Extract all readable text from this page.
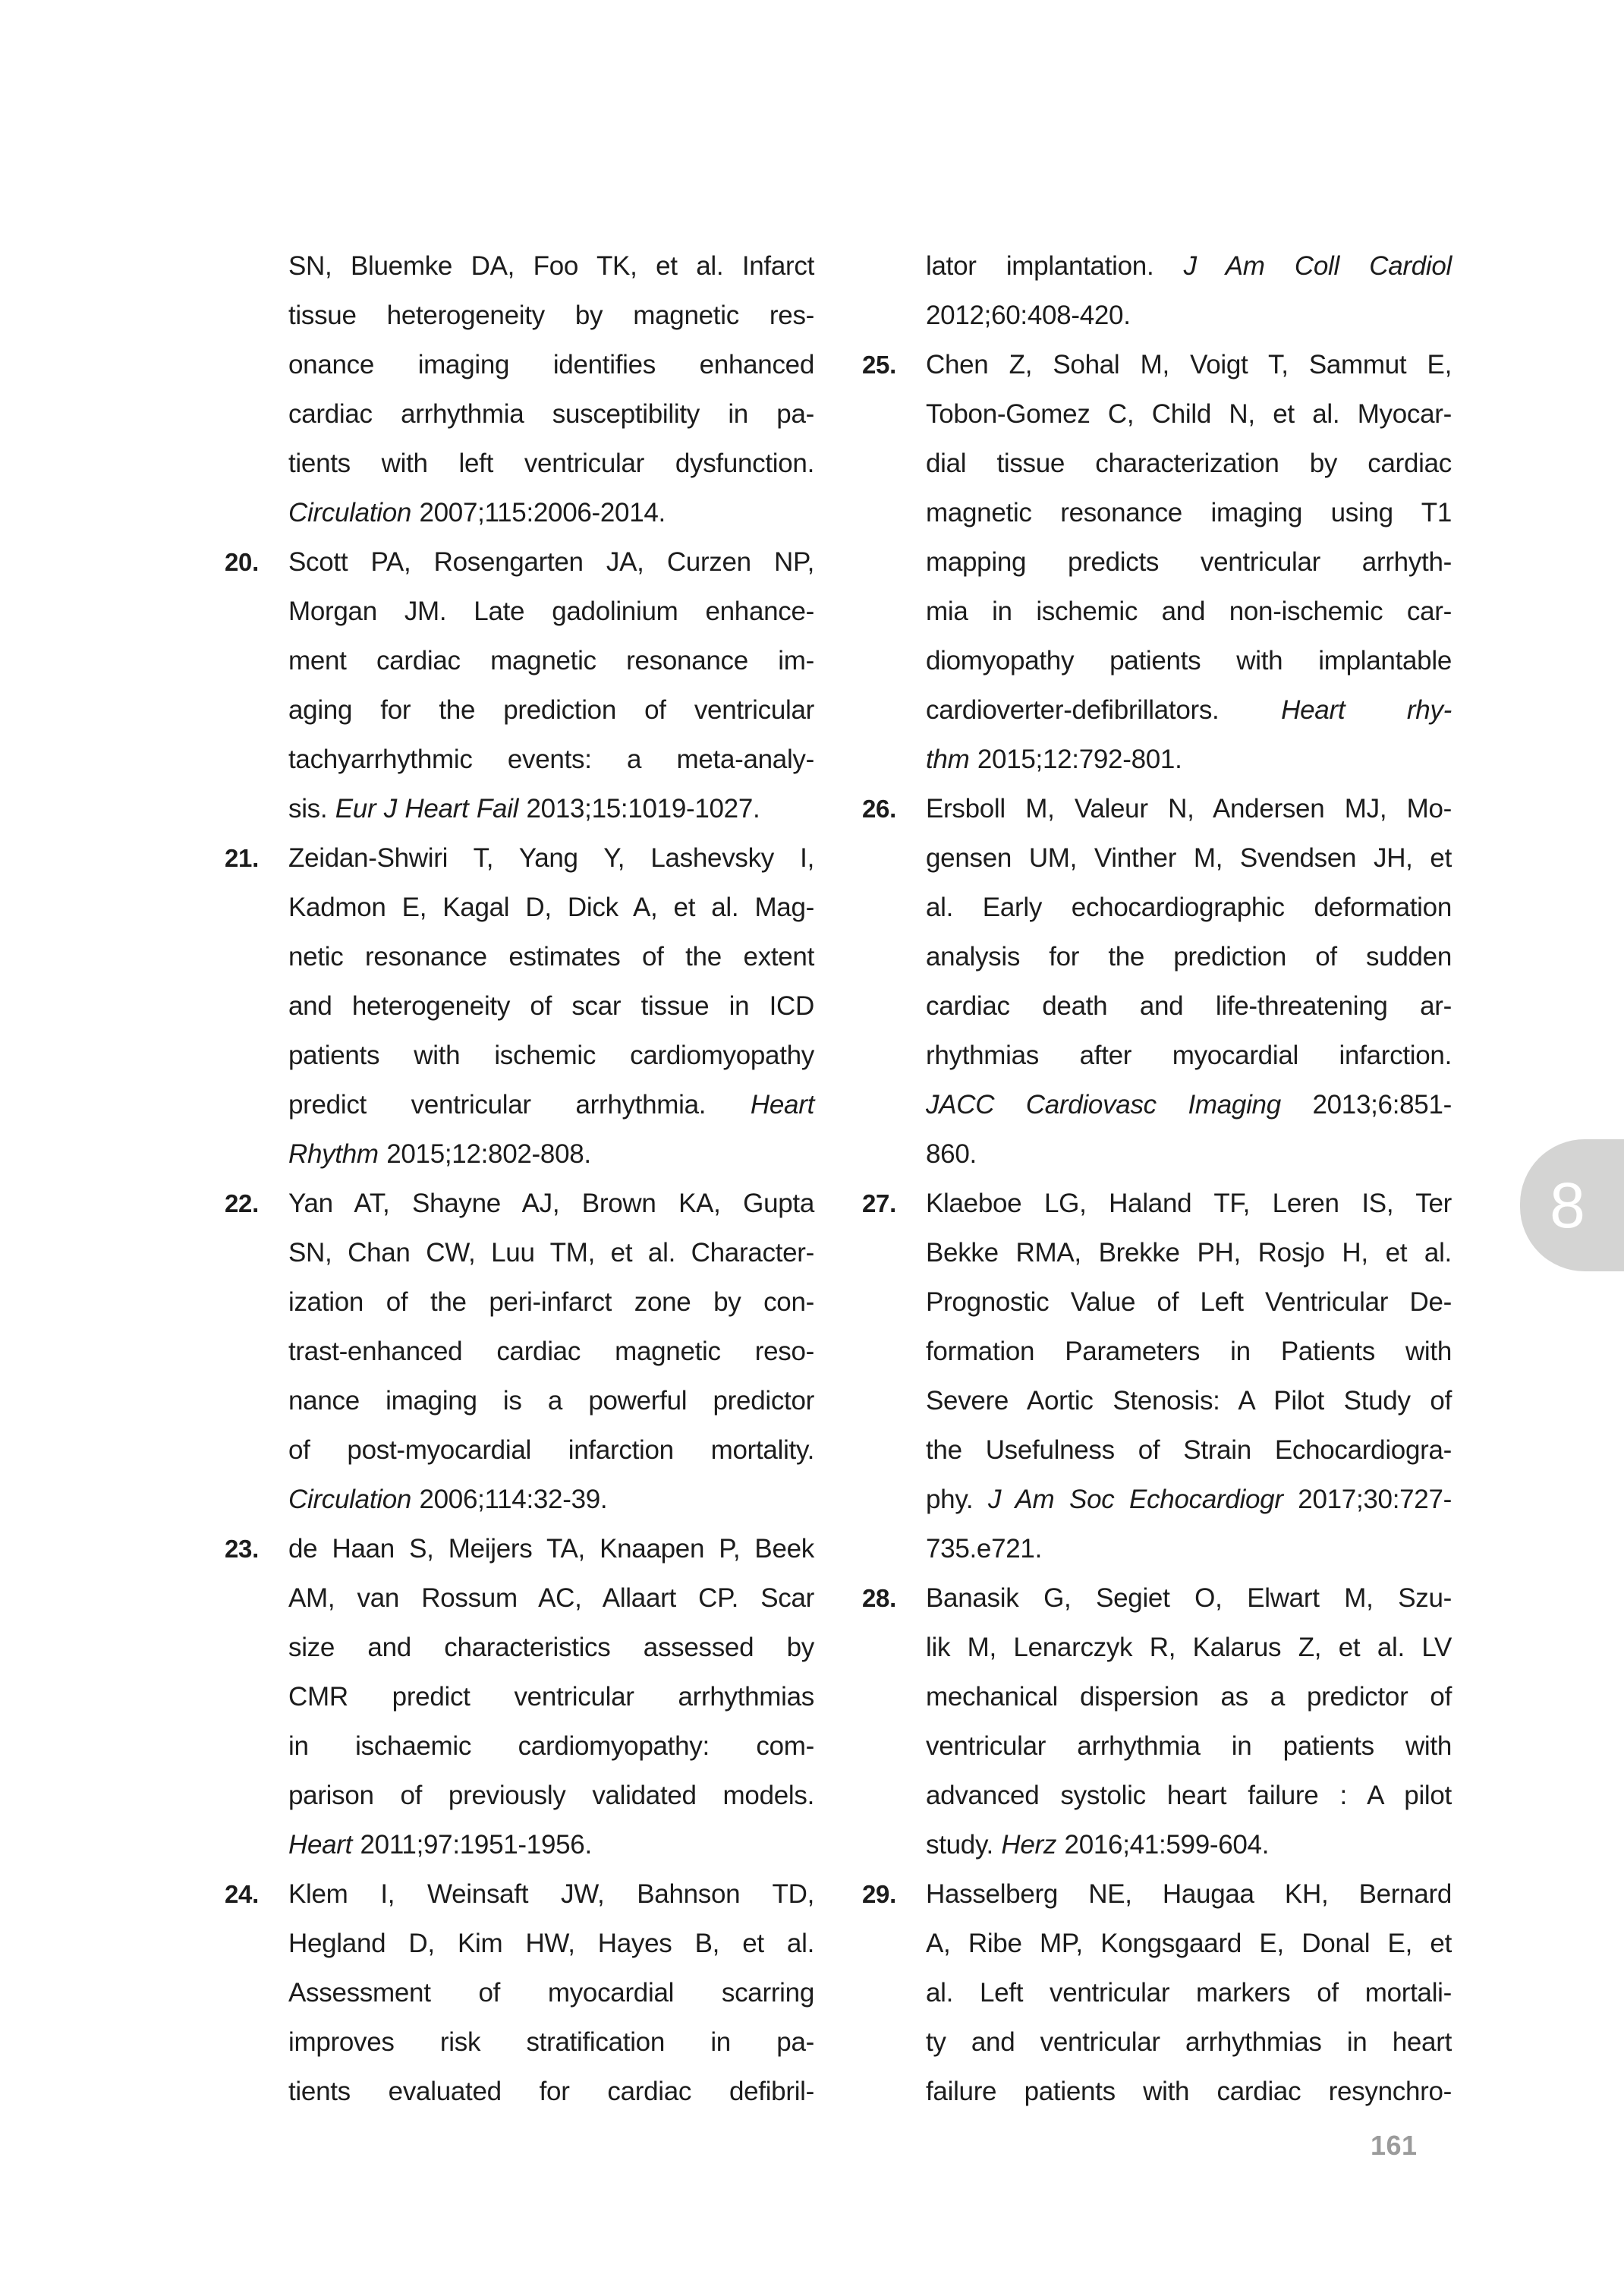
SN, Bluemke DA, Foo TK, et al. Infarct
tissue heterogeneity by magnetic res-
onance imaging identifies enhanced
cardiac arrhythmia susceptibility in pa-
tients with left ventricular dysfunction.
Circulation 2007;115:2006-2014.
20. Scott PA, Rosengarten JA, Curzen NP,
Morgan JM. Late gadolinium enhance-
ment cardiac magnetic resonance im-
aging for the prediction of ventricular
tachyarrhythmic events: a meta-analy-
sis. Eur J Heart Fail 2013;15:1019-1027.
21. Zeidan-Shwiri T, Yang Y, Lashevsky I,
Kadmon E, Kagal D, Dick A, et al. Mag-
netic resonance estimates of the extent
and heterogeneity of scar tissue in ICD
patients with ischemic cardiomyopathy
predict ventricular arrhythmia. Heart
Rhythm 2015;12:802-808.
22. Yan AT, Shayne AJ, Brown KA, Gupta
SN, Chan CW, Luu TM, et al. Character-
ization of the peri-infarct zone by con-
trast-enhanced cardiac magnetic reso-
nance imaging is a powerful predictor
of post-myocardial infarction mortality.
Circulation 2006;114:32-39.
23. de Haan S, Meijers TA, Knaapen P, Beek
AM, van Rossum AC, Allaart CP. Scar
size and characteristics assessed by
CMR predict ventricular arrhythmias
in ischaemic cardiomyopathy: com-
parison of previously validated models.
Heart 2011;97:1951-1956.
24. Klem I, Weinsaft JW, Bahnson TD,
Hegland D, Kim HW, Hayes B, et al.
Assessment of myocardial scarring
improves risk stratification in pa-
tients evaluated for cardiac defibril-
lator implantation. J Am Coll Cardiol
2012;60:408-420.
25. Chen Z, Sohal M, Voigt T, Sammut E,
Tobon-Gomez C, Child N, et al. Myocar-
dial tissue characterization by cardiac
magnetic resonance imaging using T1
mapping predicts ventricular arrhyth-
mia in ischemic and non-ischemic car-
diomyopathy patients with implantable
cardioverter-defibrillators. Heart rhy-
thm 2015;12:792-801.
26. Ersboll M, Valeur N, Andersen MJ, Mo-
gensen UM, Vinther M, Svendsen JH, et
al. Early echocardiographic deformation
analysis for the prediction of sudden
cardiac death and life-threatening ar-
rhythmias after myocardial infarction.
JACC Cardiovasc Imaging 2013;6:851-
860.
27. Klaeboe LG, Haland TF, Leren IS, Ter
Bekke RMA, Brekke PH, Rosjo H, et al.
Prognostic Value of Left Ventricular De-
formation Parameters in Patients with
Severe Aortic Stenosis: A Pilot Study of
the Usefulness of Strain Echocardiogra-
phy. J Am Soc Echocardiogr 2017;30:727-
735.e721.
28. Banasik G, Segiet O, Elwart M, Szu-
lik M, Lenarczyk R, Kalarus Z, et al. LV
mechanical dispersion as a predictor of
ventricular arrhythmia in patients with
advanced systolic heart failure : A pilot
study. Herz 2016;41:599-604.
29. Hasselberg NE, Haugaa KH, Bernard
A, Ribe MP, Kongsgaard E, Donal E, et
al. Left ventricular markers of mortali-
ty and ventricular arrhythmias in heart
failure patients with cardiac resynchro-
8
161
